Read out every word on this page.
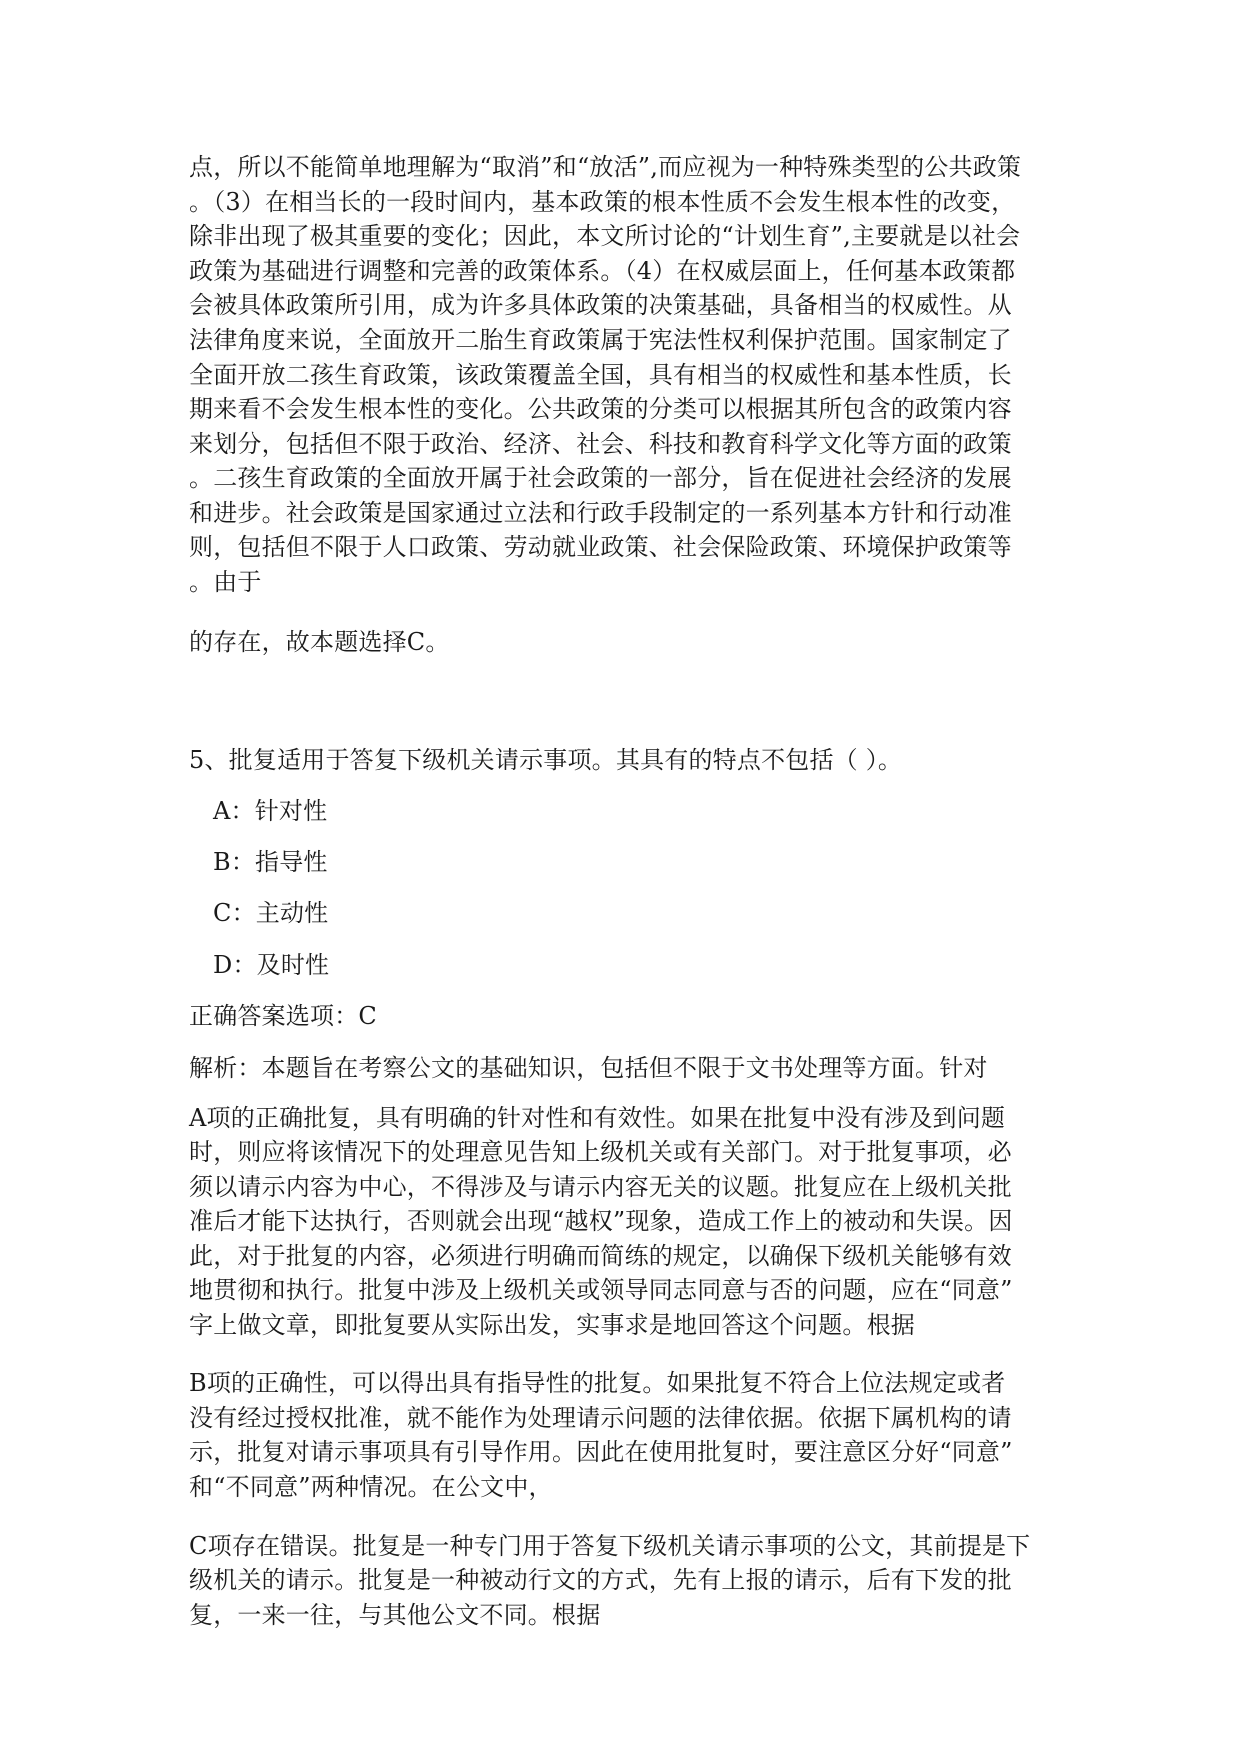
点，所以不能简单地理解为“取消”和“放活”,而应视为一种特殊类型的公共政策
。（3）在相当长的一段时间内，基本政策的根本性质不会发生根本性的改变，
除非出现了极其重要的变化；因此，本文所讨论的“计划生育”,主要就是以社会
政策为基础进行调整和完善的政策体系。（4）在权威层面上，任何基本政策都
会被具体政策所引用，成为许多具体政策的决策基础，具备相当的权威性。从
法律角度来说，全面放开二胎生育政策属于宪法性权利保护范围。国家制定了
全面开放二孩生育政策，该政策覆盖全国，具有相当的权威性和基本性质，长
期来看不会发生根本性的变化。公共政策的分类可以根据其所包含的政策内容
来划分，包括但不限于政治、经济、社会、科技和教育科学文化等方面的政策
。二孩生育政策的全面放开属于社会政策的一部分，旨在促进社会经济的发展
和进步。社会政策是国家通过立法和行政手段制定的一系列基本方针和行动准
则，包括但不限于人口政策、劳动就业政策、社会保险政策、环境保护政策等
。由于
的存在，故本题选择C。
5、批复适用于答复下级机关请示事项。其具有的特点不包括（ ）。
A：针对性
B：指导性
C：主动性
D：及时性
正确答案选项：C
解析：本题旨在考察公文的基础知识，包括但不限于文书处理等方面。针对
A项的正确批复，具有明确的针对性和有效性。如果在批复中没有涉及到问题
时，则应将该情况下的处理意见告知上级机关或有关部门。对于批复事项，必
须以请示内容为中心，不得涉及与请示内容无关的议题。批复应在上级机关批
准后才能下达执行，否则就会出现“越权”现象，造成工作上的被动和失误。因
此，对于批复的内容，必须进行明确而简练的规定，以确保下级机关能够有效
地贯彻和执行。批复中涉及上级机关或领导同志同意与否的问题，应在“同意”
字上做文章，即批复要从实际出发，实事求是地回答这个问题。根据
B项的正确性，可以得出具有指导性的批复。如果批复不符合上位法规定或者
没有经过授权批准，就不能作为处理请示问题的法律依据。依据下属机构的请
示，批复对请示事项具有引导作用。因此在使用批复时，要注意区分好“同意”
和“不同意”两种情况。在公文中，
C项存在错误。批复是一种专门用于答复下级机关请示事项的公文，其前提是下
级机关的请示。批复是一种被动行文的方式，先有上报的请示，后有下发的批
复，一来一往，与其他公文不同。根据
